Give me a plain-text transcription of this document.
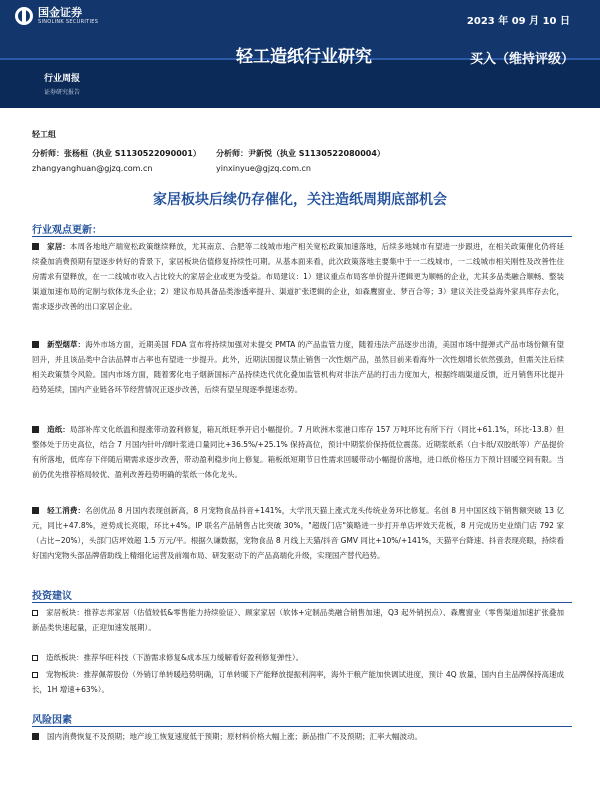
国金证券
SINOLINK SECURITIES	2023 年 09 月 10 日
轻工造纸行业研究	买入（维持评级）
行业周报
证券研究报告
轻工组
分析师：张杨桓（执业 S1130522090001） 分析师：尹新悦（执业 S1130522080004）
zhangyanghuan@gjzq.com.cn	yinxinyue@gjzq.com.cn
家居板块后续仍存催化，关注造纸周期底部机会
行业观点更新：

家居：本周各地地产端宽松政策继续释放，尤其南京、合肥等二线城市地产相关宽松政策加速落地，后续多地城市有望进一步跟进，在相关政策催化仍将延续叠加消费预期有望逐步转好的背景下，家居板块估值修复持续性可期。从基本面来看，此次政策落地主要集中于一二线城市，一二线城市相关刚性及改善性住房需求有望释放，在一二线城市收入占比较大的家居企业或更为受益。布局建议：1）建议重点布局客单价提升逻辑更为顺畅的企业，尤其多品类融合顺畅、整装渠道加速布局的定制与软体龙头企业；2）建议布局具备品类渗透率提升、渠道扩张逻辑的企业，如森鹰窗业、梦百合等；3）建议关注受益海外家具库存去化，需求逐步改善的出口家居企业。

新型烟草：海外市场方面，近期美国 FDA 宣布将持续加强对未提交 PMTA 的产品监管力度，随着违法产品逐步出清，美国市场中提弹式产品市场份额有望回升，并且该品类中合法品牌市占率也有望进一步提升。此外，近期法国提议禁止销售一次性烟产品，虽然目前来看海外一次性烟增长依然强劲，但需关注后续相关政策禁令风险。国内市场方面，随着雾化电子烟新国标产品持续迭代优化叠加监管机构对非法产品的打击力度加大，根据终端渠道反馈，近月销售环比提升趋势延续，国内产业链各环节经营情况正逐步改善，后续有望呈现逐季提速态势。

造纸：局部补库文化纸温和提涨带动盈利修复，箱瓦纸旺季开启小幅提价。7 月欧洲木浆港口库存 157 万吨环比有所下行（同比+61.1%，环比-13.8）但整体处于历史高位，结合 7 月国内针叶/阔叶浆进口量同比+36.5%/+25.1% 保持高位，预计中期浆价保持低位震荡。近期浆纸系（白卡纸/双胶纸等）产品提价有所落地，低库存下伴随后期需求逐步改善，带动盈利稳步向上修复。箱板纸短期节日性需求回暖带动小幅提价落地，进口纸价格压力下预计回暖空间有限。当前仍优先推荐格局较优、盈利改善趋势明确的浆纸一体化龙头。

轻工消费：名创优品 8 月国内表现创新高，8 月宠物食品抖音+141%，大学汛天猫上涨式龙头传统业务环比修复。名创 8 月中国区线下销售额突破 13 亿元，同比+47.8%，逆势成长亮眼，环比+4%。IP 联名产品销售占比突破 30%，"超级门店"策略进一步打开单店坪效天花板，8 月完成历史业绩门店 792 家（占比~20%），头部门店坪效超 1.5 万元/平。根据久谦数据，宠物食品 8 月线上天猫/抖音 GMV 同比+10%/+141%，天猫平台降速、抖音表现亮眼，持续看好国内宠物头部品牌借助线上精细化运营及前端布局、研发驱动下的产品高端化升级，实现国产替代趋势。

投资建议

家居板块：推荐志邦家居（估值较低&零售能力持续验证）、顾家家居（软体+定制品类融合销售加速，Q3 起外销拐点）、森鹰窗业（零售渠道加速扩张叠加新品类快速起量，正迎加速发展期）。

造纸板块：推荐华旺科技（下游需求修复&成本压力缓解看好盈利修复弹性）。

宠物板块：推荐佩蒂股份（外销订单转暖趋势明确，订单转暖下产能释放提振利润率，海外干粮产能加快调试进度，预计 4Q 放量，国内自主品牌保持高速成长，1H 增速+63%）。

风险因素

国内消费恢复不及预期；地产竣工恢复速度低于预期；原材料价格大幅上涨；新品推广不及预期；汇率大幅波动。
